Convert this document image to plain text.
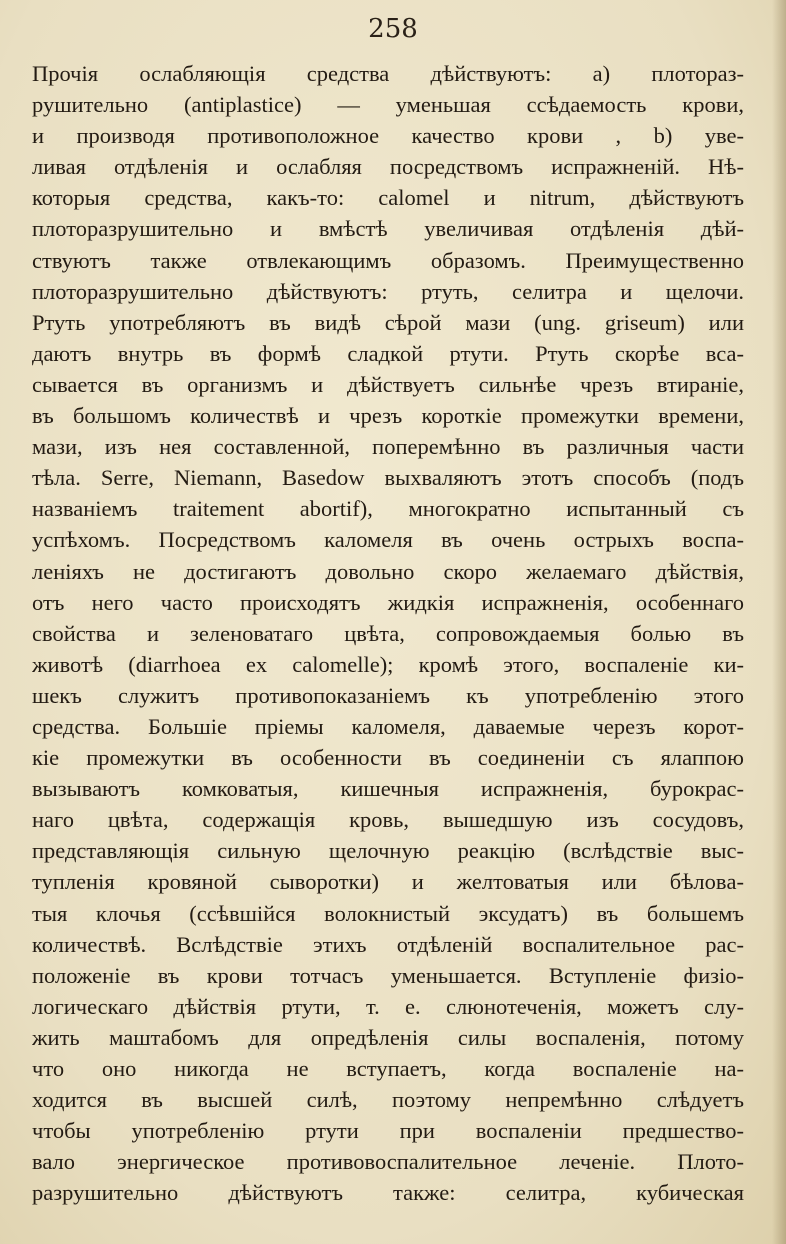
258
Прочія ослабляющія средства дѣйствуютъ: а) плоторaз-
рушительно (antiplastice) — уменьшая ссѣдаемость крови,
и производя противоположное качество крови , b) уве-
ливая отдѣленія и ослабляя посредствомъ испражненій. Нѣ-
которыя средства, какъ-то: calomel и nitrum, дѣйствуютъ
плоторазрушительно и вмѣстѣ увеличивая отдѣленія дѣй-
ствуютъ также отвлекающимъ образомъ. Преимущественно
плоторазрушительно дѣйствуютъ: ртуть, селитра и щелочи.
Ртуть употребляютъ въ видѣ сѣрой мази (ung. griseum) или
даютъ внутрь въ формѣ сладкой ртути. Ртуть скорѣе вса-
сывается въ организмъ и дѣйствуетъ сильнѣе чрезъ втираніе,
въ большомъ количествѣ и чрезъ короткіе промежутки времени,
мази, изъ нея составленной, поперемѣнно въ различныя части
тѣла. Serre, Niemann, Basedow выхваляютъ этотъ способъ (подъ
названіемъ traitement abortif), многократно испытанный съ
успѣхомъ. Посредствомъ каломеля въ очень острыхъ воспа-
леніяхъ не достигаютъ довольно скоро желаемаго дѣйствія,
отъ него часто происходятъ жидкія испражненія, особеннаго
свойства и зеленоватаго цвѣта, сопровождаемыя болью въ
животѣ (diarrhoea ex calomelle); кромѣ этого, воспаленіе ки-
шекъ служитъ противопоказаніемъ къ употребленію этого
средства. Большіе пріемы каломеля, даваемые черезъ корот-
кіе промежутки въ особенности въ соединеніи съ ялаппою
вызываютъ комковатыя, кишечныя испражненія, бурокрас-
наго цвѣта, содержащія кровь, вышедшую изъ сосудовъ,
представляющія сильную щелочную реакцію (вслѣдствіе выс-
тупленія кровяной сыворотки) и желтоватыя или бѣловa-
тыя клочья (ссѣвшійся волокнистый эксудатъ) въ большемъ
количествѣ. Вслѣдствіе этихъ отдѣленій воспалительное рас-
положеніе въ крови тотчасъ уменьшается. Вступленіе физіо-
логическаго дѣйствія ртути, т. е. слюнотеченія, можетъ слу-
жить маштабомъ для опредѣленія силы воспаленія, потому
что оно никогда не вступаетъ, когда воспаленіе на-
ходится въ высшей силѣ, поэтому непремѣнно слѣдуетъ
чтобы употребленію ртути при воспаленіи предшество-
вало энергическое противовоспалительное леченіе. Плото-
разрушительно дѣйствуютъ также: селитра, кубическая
